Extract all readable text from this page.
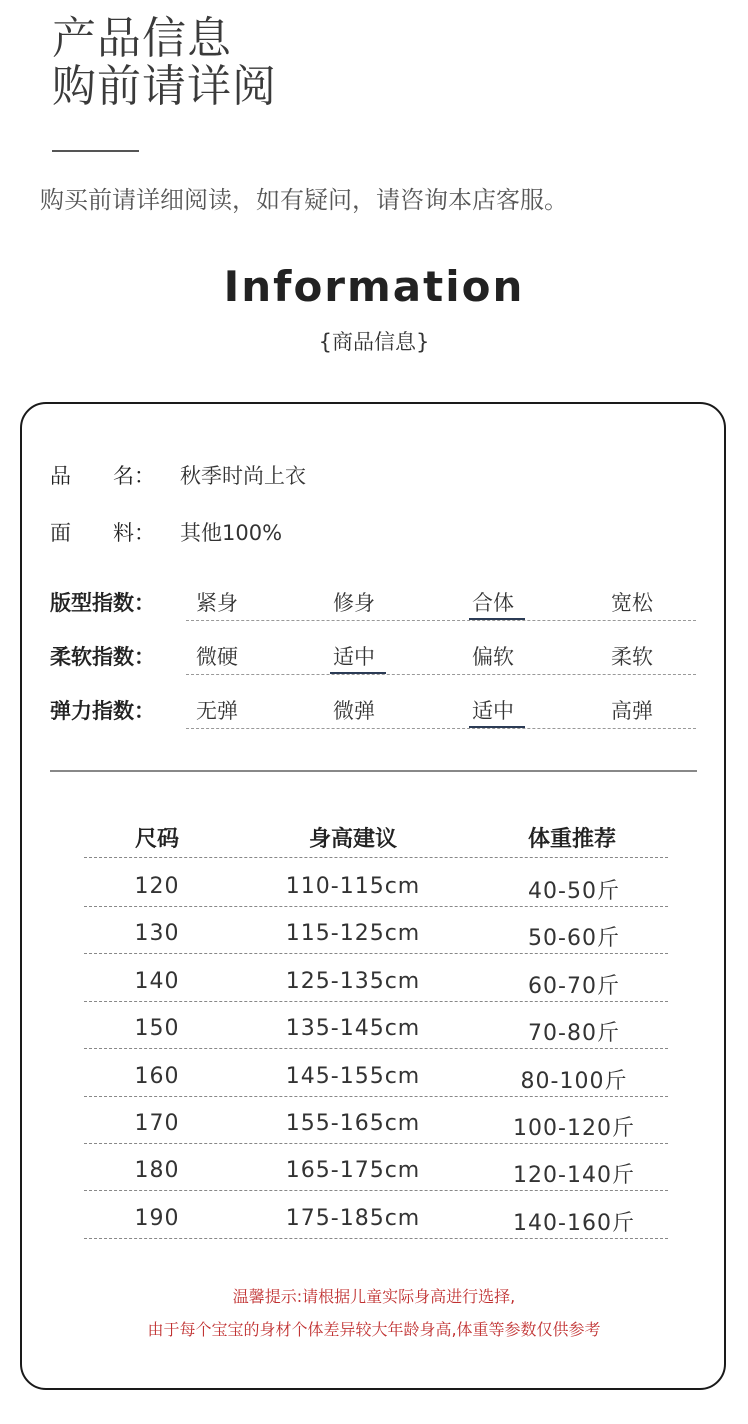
产品信息
购前请详阅
购买前请详细阅读，如有疑问，请咨询本店客服。
Information
{商品信息}
品　　名： 秋季时尚上衣
面　　料： 其他100%
版型指数： 紧身	修身	合体	宽松
柔软指数： 微硬	适中	偏软	柔软
弹力指数： 无弹	微弹	适中	高弹
尺码	身高建议	体重推荐
120	110-115cm	40-50斤
130	115-125cm	50-60斤
140	125-135cm	60-70斤
150	135-145cm	70-80斤
160	145-155cm	80-100斤
170	155-165cm	100-120斤
180	165-175cm	120-140斤
190	175-185cm	140-160斤
温馨提示:请根据儿童实际身高进行选择,
由于每个宝宝的身材个体差异较大年龄身高,体重等参数仅供参考
